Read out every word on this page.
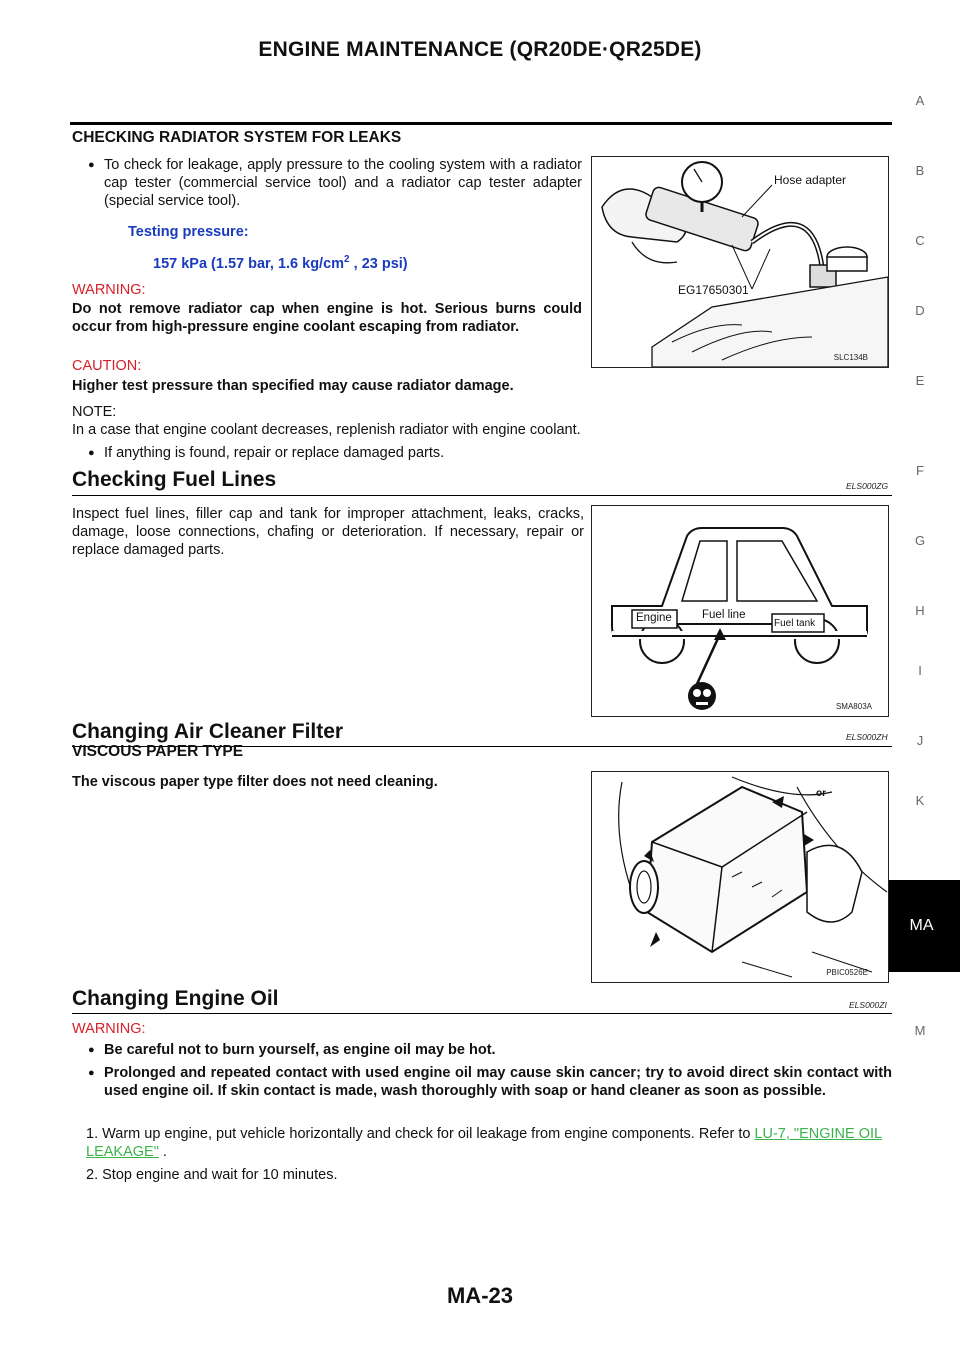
ENGINE MAINTENANCE (QR20DE·QR25DE)
A
B
C
D
E
F
G
H
I
J
K
MA
M
CHECKING RADIATOR SYSTEM FOR LEAKS
● To check for leakage, apply pressure to the cooling system with a radiator cap tester (commercial service tool) and a radiator cap tester adapter (special service tool).
Testing pressure:
157 kPa (1.57 bar, 1.6 $kg/cm^2$ , 23 psi)
WARNING:
Do not remove radiator cap when engine is hot. Serious burns could occur from high-pressure engine coolant escaping from radiator.
CAUTION:
Higher test pressure than specified may cause radiator damage.
NOTE:
In a case that engine coolant decreases, replenish radiator with engine coolant.
● If anything is found, repair or replace damaged parts.
Hose adapter
EG17650301
SLC134B
Checking Fuel Lines	ELS000ZG
Inspect fuel lines, filler cap and tank for improper attachment, leaks, cracks, damage, loose connections, chafing or deterioration. If necessary, repair or replace damaged parts.
Engine	Fuel line
Fuel tank
SMA803A
Changing Air Cleaner Filter	ELS000ZH
VISCOUS PAPER TYPE
The viscous paper type filter does not need cleaning.
or
PBIC0526E
Changing Engine Oil	ELS000ZI
WARNING:
● Be careful not to burn yourself, as engine oil may be hot.
● Prolonged and repeated contact with used engine oil may cause skin cancer; try to avoid direct skin contact with used engine oil. If skin contact is made, wash thoroughly with soap or hand cleaner as soon as possible.
1. Warm up engine, put vehicle horizontally and check for oil leakage from engine components. Refer to LU-7, "ENGINE OIL LEAKAGE" .
2. Stop engine and wait for 10 minutes.
MA-23
